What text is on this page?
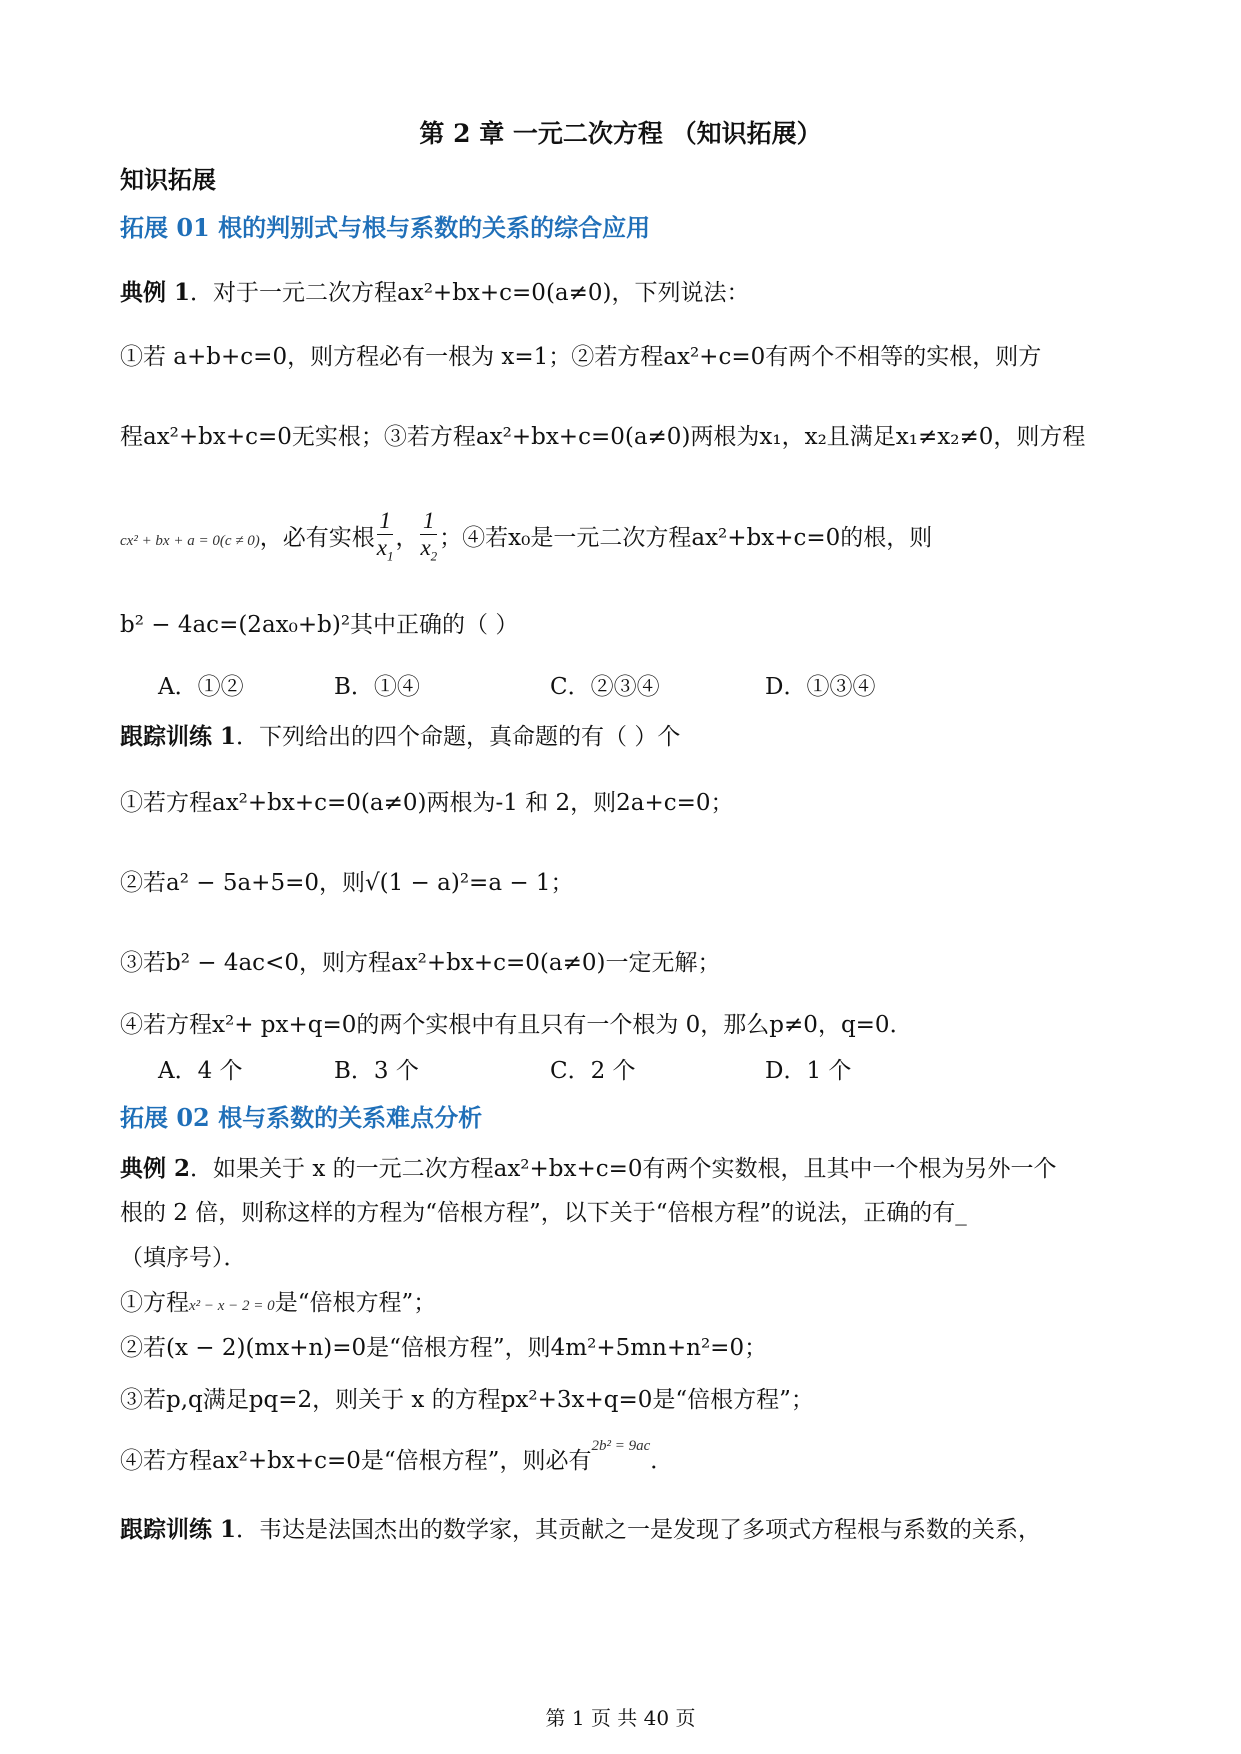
第 2 章 一元二次方程 （知识拓展）
知识拓展
拓展 01 根的判别式与根与系数的关系的综合应用
典例 1．对于一元二次方程ax²+bx+c=0(a≠0)，下列说法：
①若 a+b+c=0，则方程必有一根为 x=1；②若方程ax²+c=0有两个不相等的实根，则方
程ax²+bx+c=0无实根；③若方程ax²+bx+c=0(a≠0)两根为x₁，x₂且满足x₁≠x₂≠0，则方程
cx² + bx + a = 0(c ≠ 0)，必有实根 $\frac{1}{x_1}$ ， $\frac{1}{x_2}$ ；④若x₀是一元二次方程ax²+bx+c=0的根，则
b² − 4ac=(2ax₀+b)²其中正确的（ ）
A．①②	B．①④	C．②③④	D．①③④
跟踪训练 1．下列给出的四个命题，真命题的有（ ）个
①若方程ax²+bx+c=0(a≠0)两根为-1 和 2，则2a+c=0；
②若a² − 5a+5=0，则√(1 − a)²=a − 1；
③若b² − 4ac<0，则方程ax²+bx+c=0(a≠0)一定无解；
④若方程x²+ px+q=0的两个实根中有且只有一个根为 0，那么p≠0，q=0．
A．4 个	B．3 个	C．2 个	D．1 个
拓展 02 根与系数的关系难点分析
典例 2．如果关于 x 的一元二次方程ax²+bx+c=0有两个实数根，且其中一个根为另外一个
根的 2 倍，则称这样的方程为“倍根方程”，以下关于“倍根方程”的说法，正确的有_
（填序号）．
①方程x² − x − 2 = 0是“倍根方程”；
②若(x − 2)(mx+n)=0是“倍根方程”，则4m²+5mn+n²=0；
③若p,q满足pq=2，则关于 x 的方程px²+3x+q=0是“倍根方程”；
④若方程ax²+bx+c=0是“倍根方程”，则必有$^{2b^2 = 9ac}$．
跟踪训练 1．韦达是法国杰出的数学家，其贡献之一是发现了多项式方程根与系数的关系，
第 1 页 共 40 页
